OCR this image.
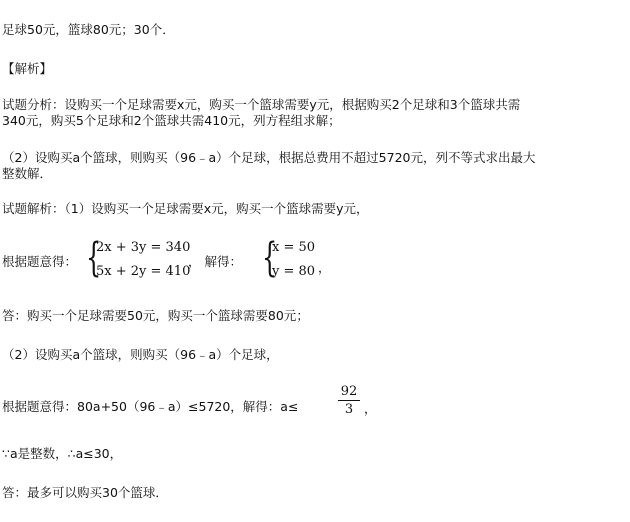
足球50元，篮球80元；30个．
【解析】
试题分析：设购买一个足球需要x元，购买一个篮球需要y元，根据购买2个足球和3个篮球共需
340元，购买5个足球和2个篮球共需410元，列方程组求解；
（2）设购买a个篮球，则购买（96﹣a）个足球，根据总费用不超过5720元，列不等式求出最大
整数解．
试题解析：（1）设购买一个足球需要x元，购买一个篮球需要y元，
根据题意得： {
2x + 3y = 340
5x + 2y = 410
， 解得： {
x = 50
y = 80 ，
答：购买一个足球需要50元，购买一个篮球需要80元；
（2）设购买a个篮球，则购买（96﹣a）个足球，
根据题意得：80a+50（96﹣a）≤5720，解得：a≤
92
3 ，
∵a是整数，∴a≤30，
答：最多可以购买30个篮球．
